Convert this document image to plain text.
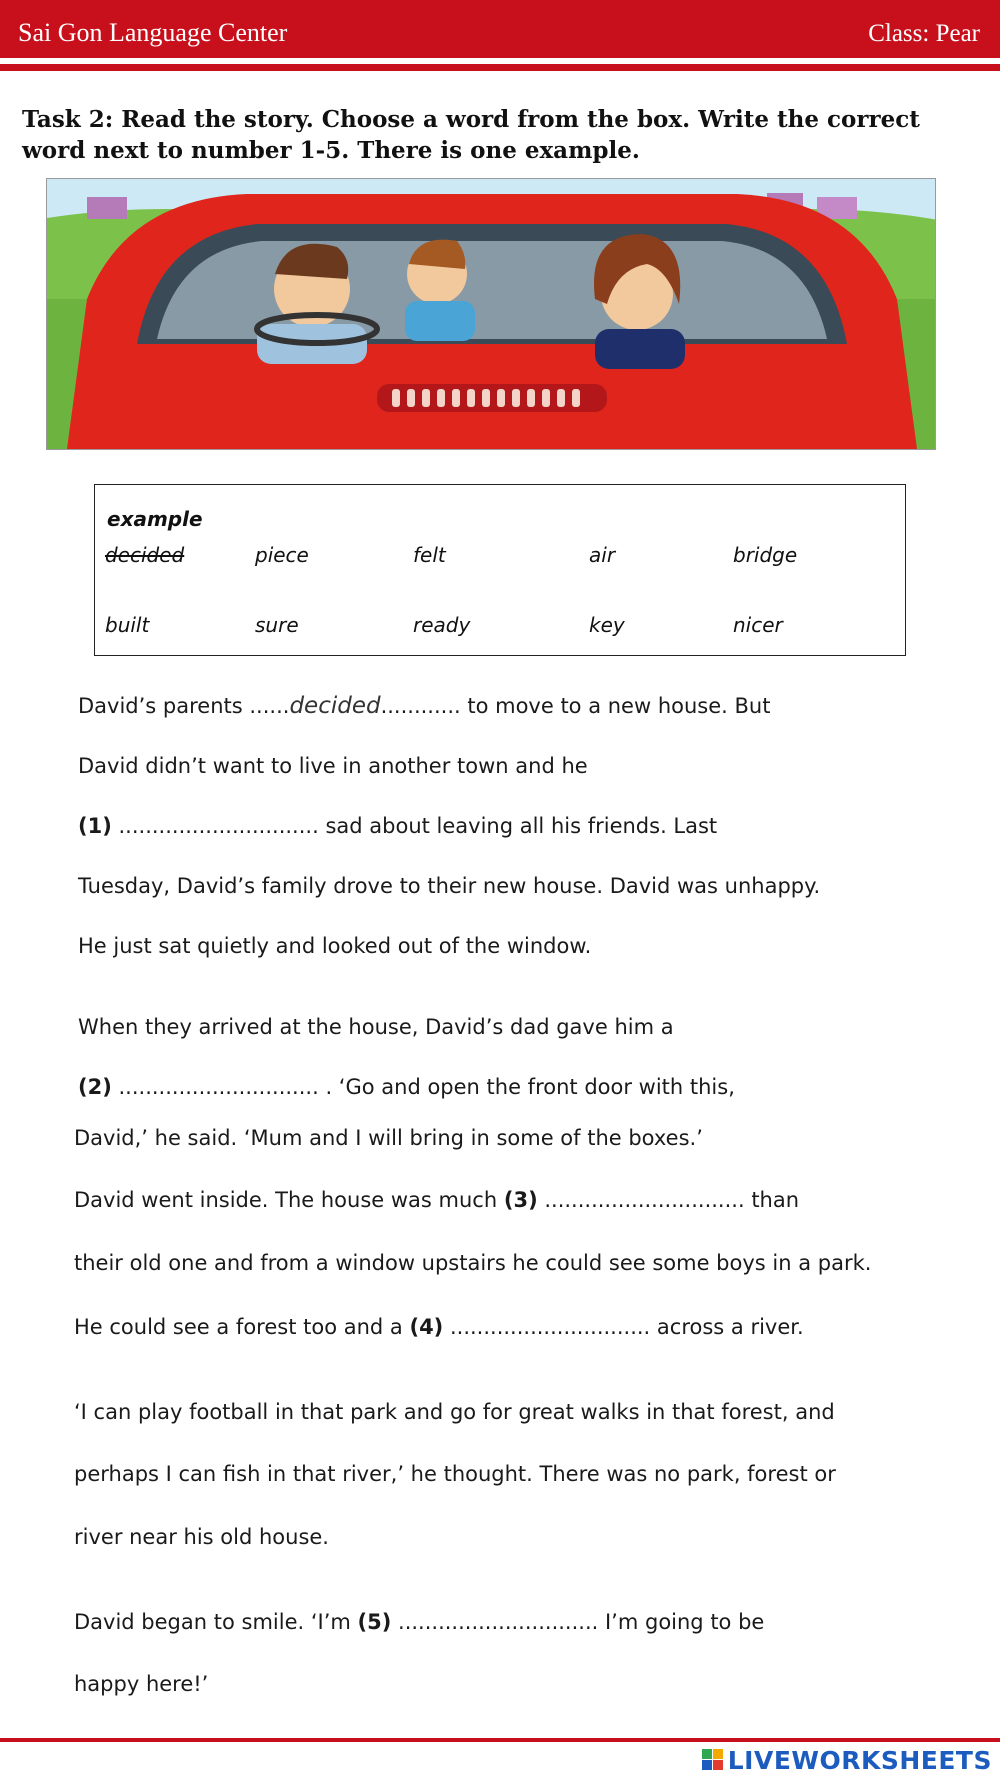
Sai Gon Language Center	Class: Pear
Task 2: Read the story. Choose a word from the box. Write the correct word next to number 1-5. There is one example.
example
decided	piece	felt	air	bridge
built	sure	ready	key	nicer
David’s parents ......decided............ to move to a new house. But
David didn’t want to live in another town and he
(1) .............................. sad about leaving all his friends. Last
Tuesday, David’s family drove to their new house. David was unhappy.
He just sat quietly and looked out of the window.
When they arrived at the house, David’s dad gave him a
(2) .............................. . ‘Go and open the front door with this,
David,’ he said. ‘Mum and I will bring in some of the boxes.’
David went inside. The house was much (3) .............................. than
their old one and from a window upstairs he could see some boys in a park.
He could see a forest too and a (4) .............................. across a river.
‘I can play football in that park and go for great walks in that forest, and
perhaps I can fish in that river,’ he thought. There was no park, forest or
river near his old house.
David began to smile. ‘I’m (5) .............................. I’m going to be
happy here!’
LIVEWORKSHEETS
